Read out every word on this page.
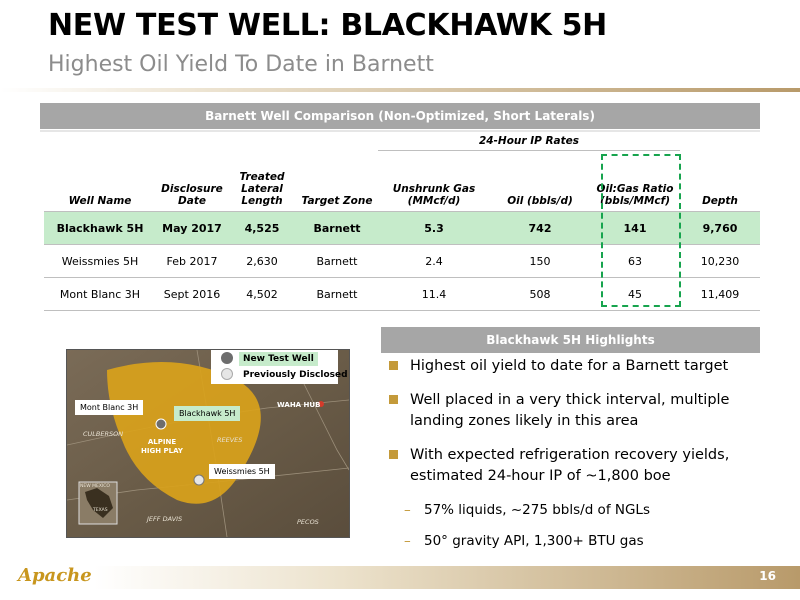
NEW TEST WELL: BLACKHAWK 5H
Highest Oil Yield To Date in Barnett
Barnett Well Comparison (Non-Optimized, Short Laterals)
				24-Hour IP Rates			
Well Name	Disclosure Date	Treated Lateral Length	Target Zone	Unshrunk Gas (MMcf/d)	Oil (bbls/d)	Oil:Gas Ratio (bbls/MMcf)	Depth
Blackhawk 5H	May 2017	4,525	Barnett	5.3	742	141	9,760
Weissmies 5H	Feb 2017	2,630	Barnett	2.4	150	63	10,230
Mont Blanc 3H	Sept 2016	4,502	Barnett	11.4	508	45	11,409
CULBERSON
REEVES
JEFF DAVIS	PECOS
NEW MEXICO
TEXAS
ALPINE HIGH PLAY
WAHA HUB
Mont Blanc 3H
Blackhawk 5H
Weissmies 5H
New Test Well
Previously Disclosed
Blackhawk 5H Highlights
Highest oil yield to date for a Barnett target
Well placed in a very thick interval, multiple landing zones likely in this area
With expected refrigeration recovery yields, estimated 24-hour IP of ~1,800 boe
– 57% liquids, ~275 bbls/d of NGLs
– 50° gravity API, 1,300+ BTU gas
Apache	16
